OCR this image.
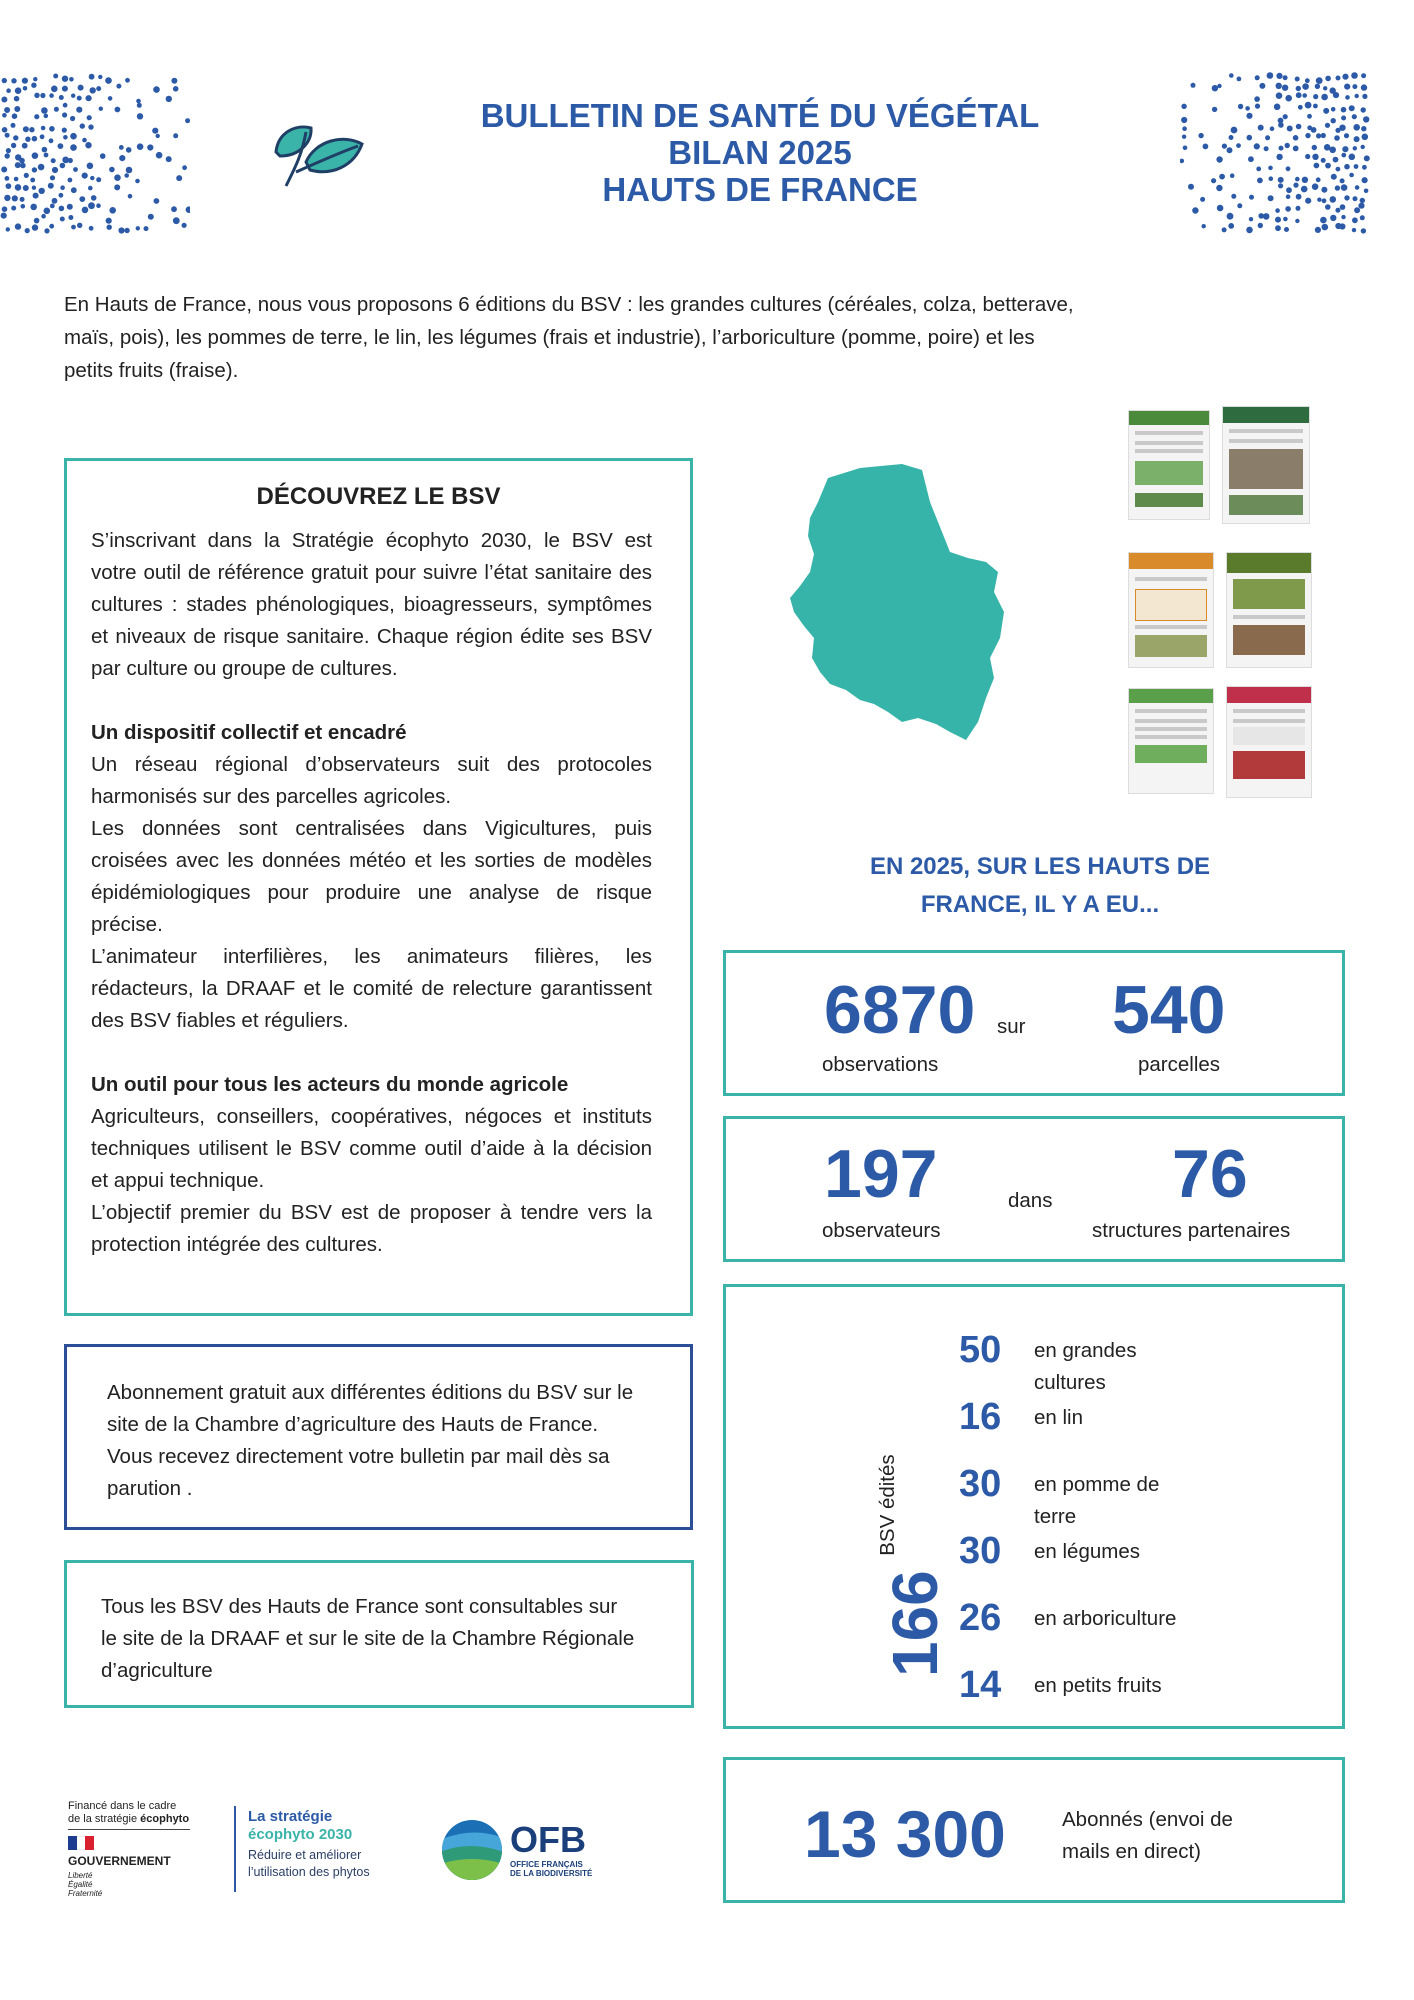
BULLETIN DE SANTÉ DU VÉGÉTAL
BILAN 2025
HAUTS DE FRANCE
En Hauts de France, nous vous proposons 6 éditions du BSV : les grandes cultures (céréales, colza, betterave, maïs, pois), les pommes de terre, le lin, les légumes (frais et industrie), l’arboriculture (pomme, poire) et les petits fruits (fraise).
DÉCOUVREZ LE BSV

S’inscrivant dans la Stratégie écophyto 2030, le BSV est votre outil de référence gratuit pour suivre l’état sanitaire des cultures : stades phénologiques, bioagresseurs, symptômes et niveaux de risque sanitaire. Chaque région édite ses BSV par culture ou groupe de cultures.

Un dispositif collectif et encadré

Un réseau régional d’observateurs suit des protocoles harmonisés sur des parcelles agricoles.

Les données sont centralisées dans Vigicultures, puis croisées avec les données météo et les sorties de modèles épidémiologiques pour produire une analyse de risque précise.

L’animateur interfilières, les animateurs filières, les rédacteurs, la DRAAF et le comité de relecture garantissent des BSV fiables et réguliers.

Un outil pour tous les acteurs du monde agricole

Agriculteurs, conseillers, coopératives, négoces et instituts techniques utilisent le BSV comme outil d’aide à la décision et appui technique.

L’objectif premier du BSV est de proposer à tendre vers la protection intégrée des cultures.

Abonnement gratuit aux différentes éditions du BSV sur le site de la Chambre d’agriculture des Hauts de France. Vous recevez directement votre bulletin par mail dès sa parution .
Tous les BSV des Hauts de France sont consultables sur le site de la DRAAF et sur le site de la Chambre Régionale d’agriculture
EN 2025, SUR LES HAUTS DE FRANCE, IL Y A EU...
6870 sur 540
observations	parcelles
197	dans 76
observateurs	structures partenaires
166 BSV édités
50 en grandes cultures
16 en lin
30 en pomme de terre
30 en légumes
26 en arboriculture
14 en petits fruits
13 300	Abonnés (envoi de mails en direct)
Financé dans le cadre
de la stratégie écophyto
GOUVERNEMENT
Liberté
Égalité
Fraternité
La stratégie
écophyto 2030
Réduire et améliorer
l’utilisation des phytos
OFB
OFFICE FRANÇAIS
DE LA BIODIVERSITÉ
